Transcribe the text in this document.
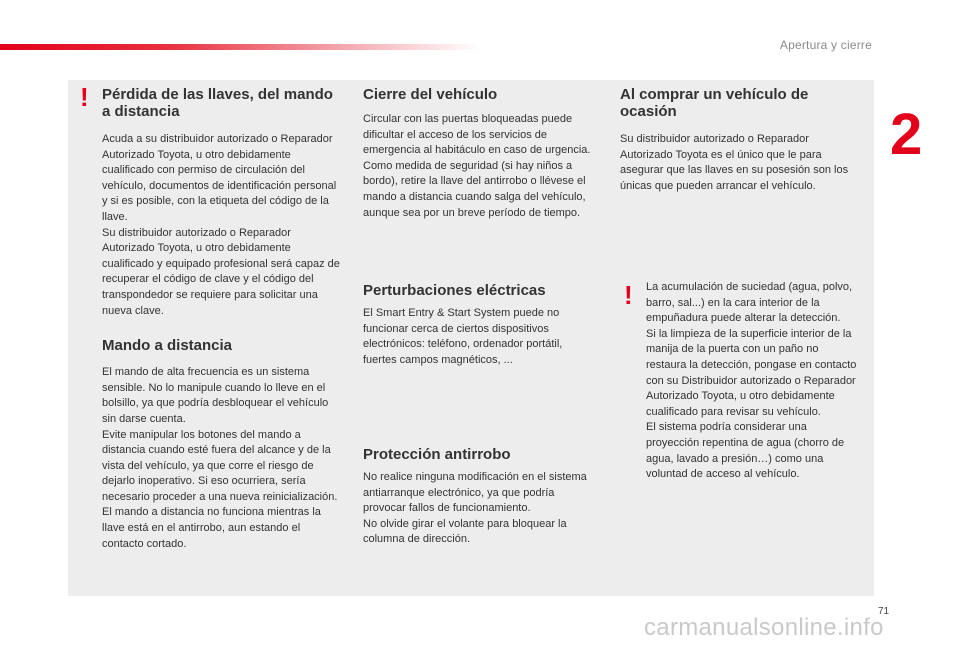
Apertura y cierre
2
! Pérdida de las llaves, del mando a distancia

Acuda a su distribuidor autorizado o Reparador Autorizado Toyota, u otro debidamente cualificado con permiso de circulación del vehículo, documentos de identificación personal y si es posible, con la etiqueta del código de la llave.
Su distribuidor autorizado o Reparador Autorizado Toyota, u otro debidamente cualificado y equipado profesional será capaz de recuperar el código de clave y el código del transpondedor se requiere para solicitar una nueva clave.

Mando a distancia

El mando de alta frecuencia es un sistema sensible. No lo manipule cuando lo lleve en el bolsillo, ya que podría desbloquear el vehículo sin darse cuenta.
Evite manipular los botones del mando a distancia cuando esté fuera del alcance y de la vista del vehículo, ya que corre el riesgo de dejarlo inoperativo. Si eso ocurriera, sería necesario proceder a una nueva reinicialización.
El mando a distancia no funciona mientras la llave está en el antirrobo, aun estando el contacto cortado.

Cierre del vehículo

Circular con las puertas bloqueadas puede dificultar el acceso de los servicios de emergencia al habitáculo en caso de urgencia.
Como medida de seguridad (si hay niños a bordo), retire la llave del antirrobo o llévese el mando a distancia cuando salga del vehículo, aunque sea por un breve período de tiempo.

Perturbaciones eléctricas

El Smart Entry & Start System puede no funcionar cerca de ciertos dispositivos electrónicos: teléfono, ordenador portátil, fuertes campos magnéticos, ...

Protección antirrobo

No realice ninguna modificación en el sistema antiarranque electrónico, ya que podría provocar fallos de funcionamiento.
No olvide girar el volante para bloquear la columna de dirección.

Al comprar un vehículo de ocasión

Su distribuidor autorizado o Reparador Autorizado Toyota es el único que le para asegurar que las llaves en su posesión son los únicas que pueden arrancar el vehículo.

! La acumulación de suciedad (agua, polvo, barro, sal...) en la cara interior de la empuñadura puede alterar la detección.
Si la limpieza de la superficie interior de la manija de la puerta con un paño no restaura la detección, pongase en contacto con su Distribuidor autorizado o Reparador Autorizado Toyota, u otro debidamente cualificado para revisar su vehículo.
El sistema podría considerar una proyección repentina de agua (chorro de agua, lavado a presión…) como una voluntad de acceso al vehículo.

71
carmanualsonline.info
